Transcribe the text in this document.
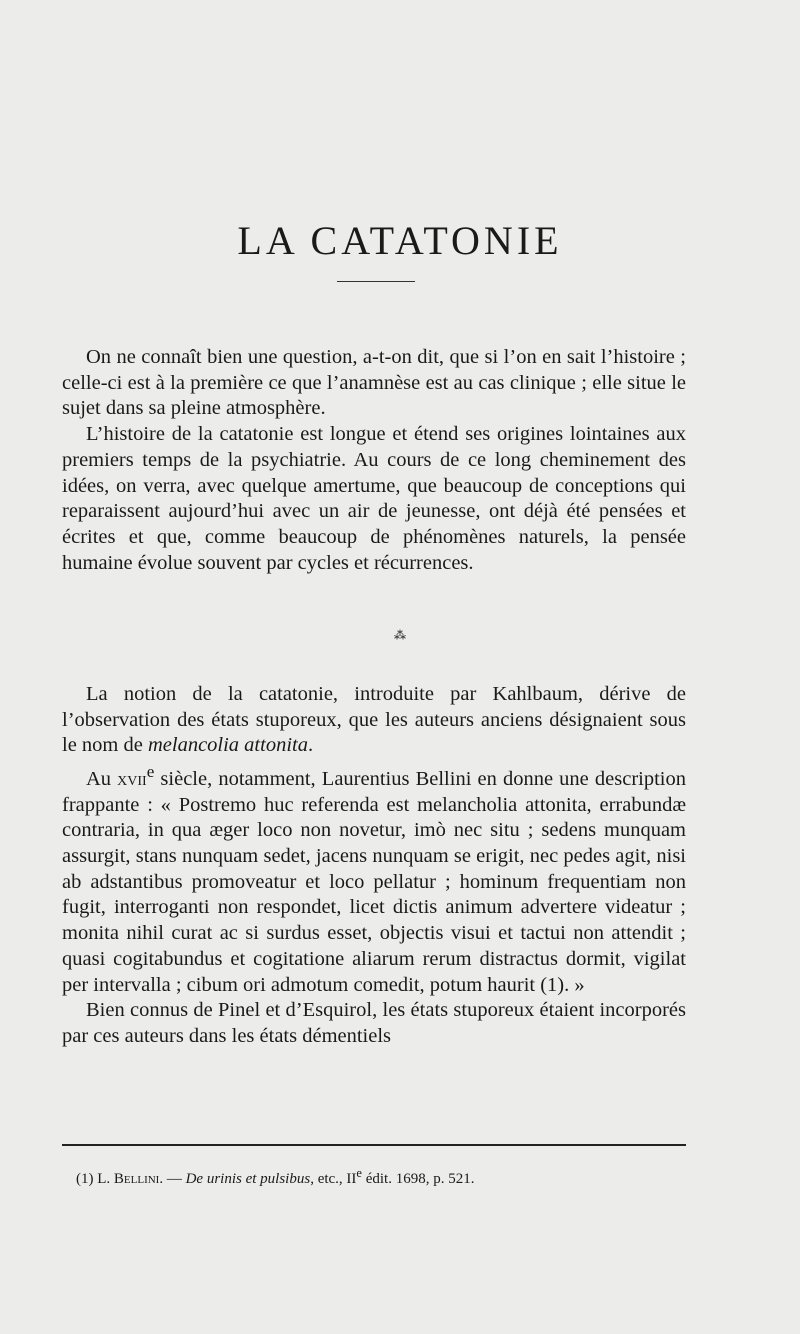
LA CATATONIE

On ne connaît bien une question, a-t-on dit, que si l’on en sait l’histoire ; celle-ci est à la première ce que l’anamnèse est au cas clinique ; elle situe le sujet dans sa pleine atmosphère.

L’histoire de la catatonie est longue et étend ses origines lointaines aux premiers temps de la psychiatrie. Au cours de ce long cheminement des idées, on verra, avec quelque amertume, que beaucoup de conceptions qui reparaissent aujourd’hui avec un air de jeunesse, ont déjà été pensées et écrites et que, comme beaucoup de phénomènes naturels, la pensée humaine évolue souvent par cycles et récurrences.

⁂

La notion de la catatonie, introduite par Kahlbaum, dérive de l’observation des états stuporeux, que les auteurs anciens désignaient sous le nom de melancolia attonita.

Au xvii$^e$ siècle, notamment, Laurentius Bellini en donne une description frappante : « Postremo huc referenda est melancholia attonita, errabundæ contraria, in qua æger loco non novetur, imò nec situ ; sedens munquam assurgit, stans nunquam sedet, jacens nunquam se erigit, nec pedes agit, nisi ab adstantibus promoveatur et loco pellatur ; hominum frequentiam non fugit, interroganti non respondet, licet dictis animum advertere videatur ; monita nihil curat ac si surdus esset, objectis visui et tactui non attendit ; quasi cogitabundus et cogitatione aliarum rerum distractus dormit, vigilat per intervalla ; cibum ori admotum comedit, potum haurit (1). »

Bien connus de Pinel et d’Esquirol, les états stuporeux étaient incorporés par ces auteurs dans les états démentiels

(1) L. Bellini. — De urinis et pulsibus, etc., IIe édit. 1698, p. 521.
